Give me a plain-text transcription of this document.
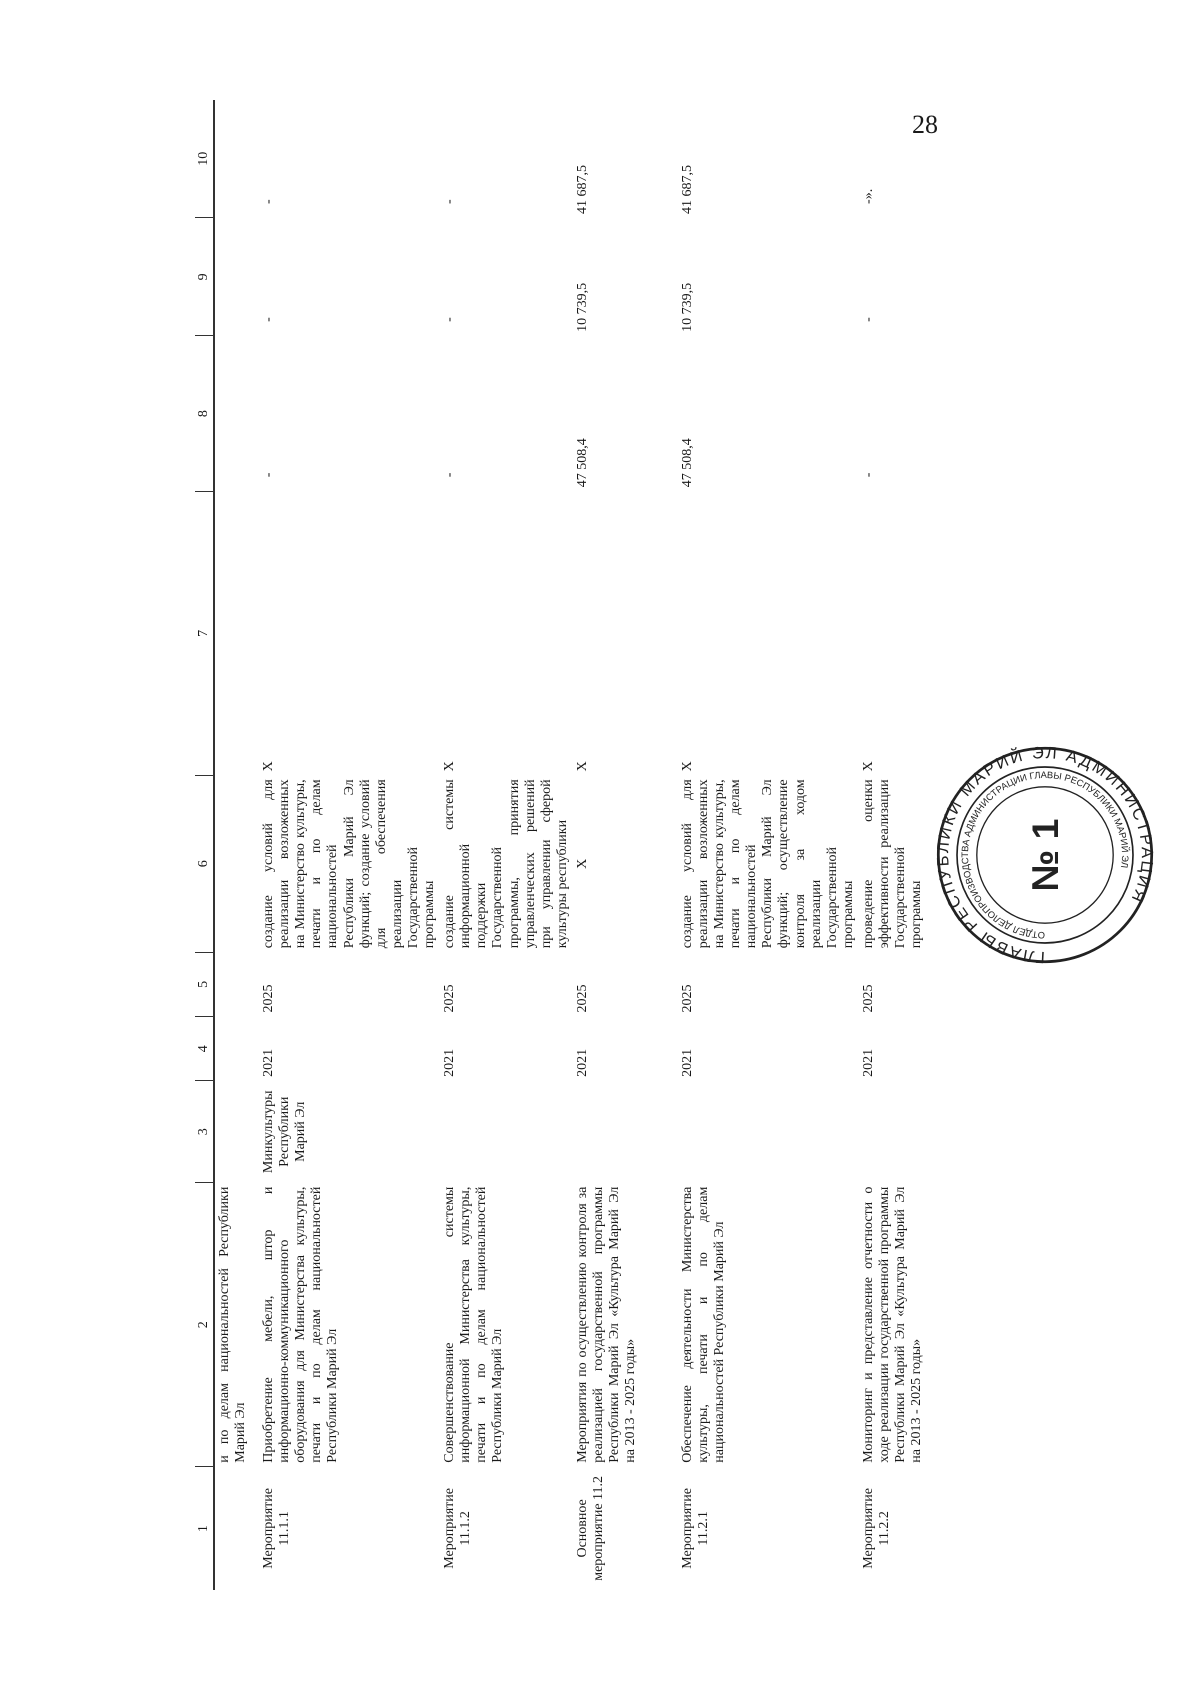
28
1	2	3	4	5	6	7	8	9	10
	и по делам национальностей Республики Марий Эл								
Мероприятие 11.1.1	Приобретение мебели, штор и информационно-коммуникационного оборудования для Министерства культуры, печати и по делам национальностей Республики Марий Эл	Минкультуры Республики Марий Эл	2021	2025	создание условий для реализации возложенных на Министерство культуры, печати и по делам национальностей Республики Марий Эл функций; создание условий для обеспечения реализации Государственной программы	X	-	-	-
Мероприятие 11.1.2	Совершенствование системы информационной Министерства культуры, печати и по делам национальностей Республики Марий Эл		2021	2025	создание системы информационной поддержки Государственной программы, принятия управленческих решений при управлении сферой культуры республики	X	-	-	-
Основное мероприятие 11.2	Мероприятия по осуществлению контроля за реализацией государственной программы Республики Марий Эл «Культура Марий Эл на 2013 - 2025 годы»		2021	2025	X	X	47 508,4	10 739,5	41 687,5
Мероприятие 11.2.1	Обеспечение деятельности Министерства культуры, печати и по делам национальностей Республики Марий Эл		2021	2025	создание условий для реализации возложенных на Министерство культуры, печати и по делам национальностей Республики Марий Эл функций; осуществление контроля за ходом реализации Государственной программы	X	47 508,4	10 739,5	41 687,5
Мероприятие 11.2.2	Мониторинг и представление отчетности о ходе реализации государственной программы Республики Марий Эл «Культура Марий Эл на 2013 - 2025 годы»		2021	2025	проведение оценки эффективности реализации Государственной программы	X	-	-	-».
ГЛАВЫ РЕСПУБЛИКИ МАРИЙ ЭЛ АДМИНИСТРАЦИЯ
ОТДЕЛ ДЕЛОПРОИЗВОДСТВА АДМИНИСТРАЦИИ ГЛАВЫ РЕСПУБЛИКИ МАРИЙ ЭЛ
№ 1
